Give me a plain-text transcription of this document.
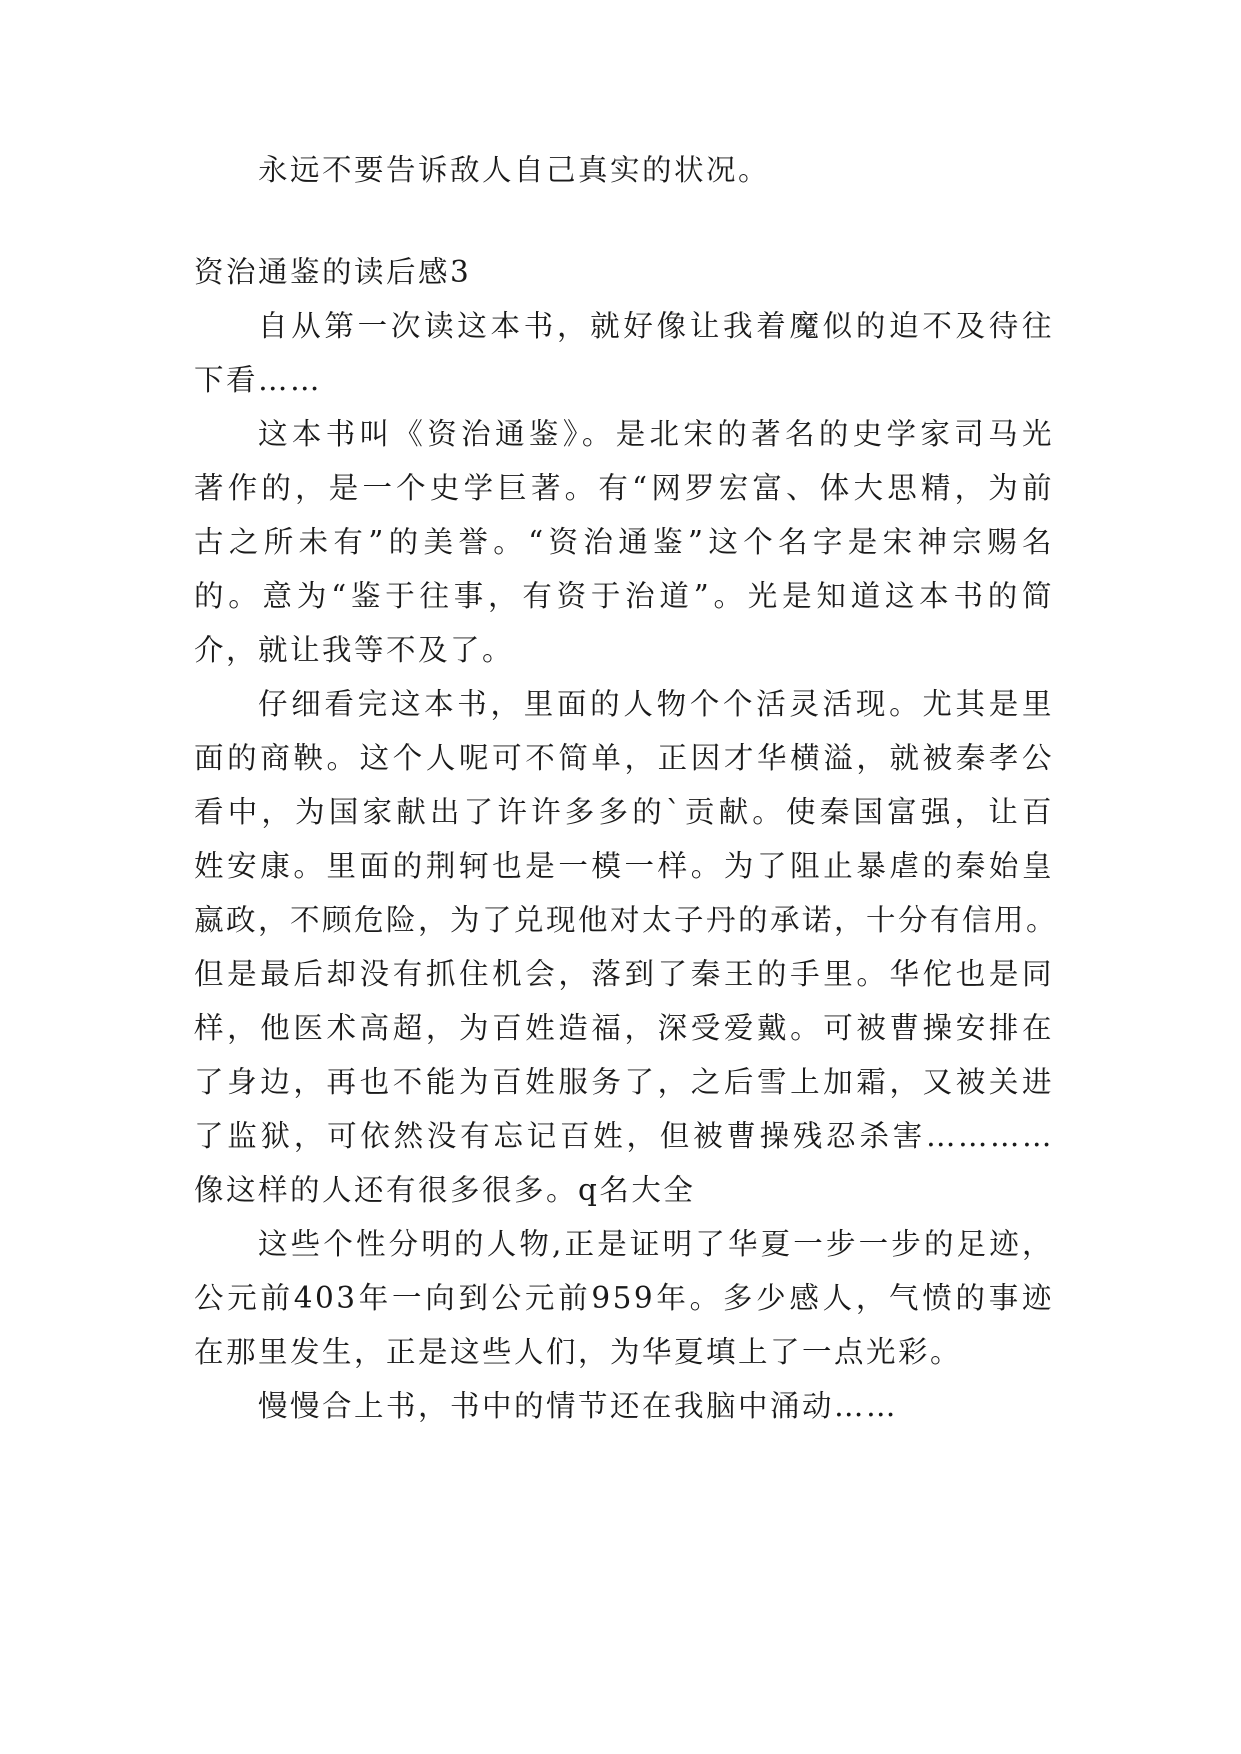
永远不要告诉敌人自己真实的状况。
资治通鉴的读后感3
自从第一次读这本书，就好像让我着魔似的迫不及待往
下看……
这本书叫《资治通鉴》。是北宋的著名的史学家司马光
著作的，是一个史学巨著。有“网罗宏富、体大思精，为前
古之所未有”的美誉。“资治通鉴”这个名字是宋神宗赐名
的。意为“鉴于往事，有资于治道”。光是知道这本书的简
介，就让我等不及了。
仔细看完这本书，里面的人物个个活灵活现。尤其是里
面的商鞅。这个人呢可不简单，正因才华横溢，就被秦孝公
看中，为国家献出了许许多多的`贡献。使秦国富强，让百
姓安康。里面的荆轲也是一模一样。为了阻止暴虐的秦始皇
嬴政，不顾危险，为了兑现他对太子丹的承诺，十分有信用。
但是最后却没有抓住机会，落到了秦王的手里。华佗也是同
样，他医术高超，为百姓造福，深受爱戴。可被曹操安排在
了身边，再也不能为百姓服务了，之后雪上加霜，又被关进
了监狱，可依然没有忘记百姓，但被曹操残忍杀害…………
像这样的人还有很多很多。q名大全
这些个性分明的人物,正是证明了华夏一步一步的足迹，
公元前403年一向到公元前959年。多少感人，气愤的事迹
在那里发生，正是这些人们，为华夏填上了一点光彩。
慢慢合上书，书中的情节还在我脑中涌动……
